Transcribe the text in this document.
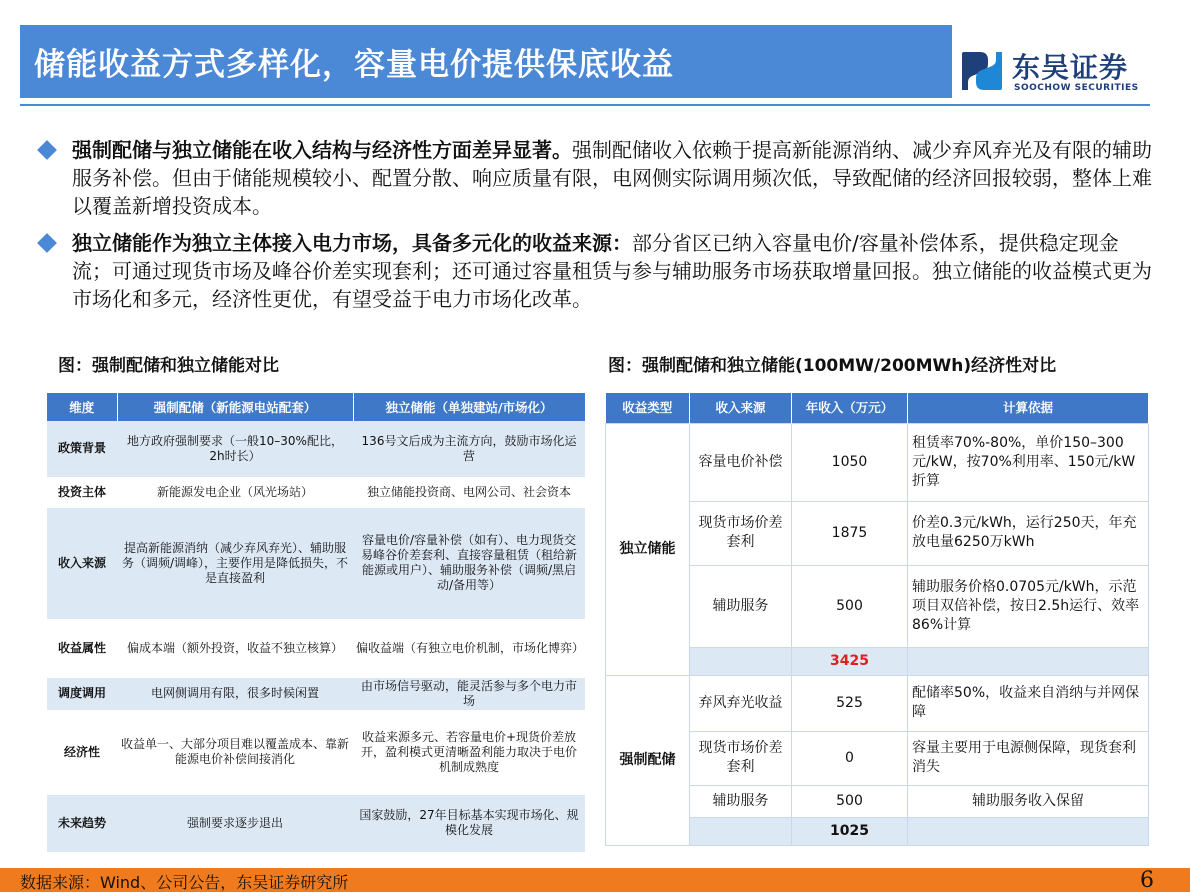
储能收益方式多样化，容量电价提供保底收益	东吴证券
SOOCHOW SECURITIES
强制配储与独立储能在收入结构与经济性方面差异显著。强制配储收入依赖于提高新能源消纳、减少弃风弃光及有限的辅助服务补偿。但由于储能规模较小、配置分散、响应质量有限，电网侧实际调用频次低，导致配储的经济回报较弱，整体上难以覆盖新增投资成本。
独立储能作为独立主体接入电力市场，具备多元化的收益来源：部分省区已纳入容量电价/容量补偿体系，提供稳定现金流；可通过现货市场及峰谷价差实现套利；还可通过容量租赁与参与辅助服务市场获取增量回报。独立储能的收益模式更为市场化和多元，经济性更优，有望受益于电力市场化改革。
图：强制配储和独立储能对比	图：强制配储和独立储能(100MW/200MWh)经济性对比
维度	强制配储（新能源电站配套）	独立储能（单独建站/市场化）
政策背景	地方政府强制要求（一般10–30%配比，2h时长）	136号文后成为主流方向，鼓励市场化运营
投资主体	新能源发电企业（风光场站）	独立储能投资商、电网公司、社会资本
收入来源	提高新能源消纳（减少弃风弃光）、辅助服务（调频/调峰），主要作用是降低损失，不是直接盈利	容量电价/容量补偿（如有）、电力现货交易峰谷价差套利、直接容量租赁（租给新能源或用户）、辅助服务补偿（调频/黑启动/备用等）
收益属性	偏成本端（额外投资，收益不独立核算）	偏收益端（有独立电价机制，市场化博弈）
调度调用	电网侧调用有限，很多时候闲置	由市场信号驱动，能灵活参与多个电力市场
经济性	收益单一、大部分项目难以覆盖成本、靠新能源电价补偿间接消化	收益来源多元、若容量电价+现货价差放开，盈利模式更清晰盈利能力取决于电价机制成熟度
未来趋势	强制要求逐步退出	国家鼓励，27年目标基本实现市场化、规模化发展
收益类型	收入来源	年收入（万元）	计算依据
独立储能	容量电价补偿	1050	租赁率70%-80%，单价150–300元/kW，按70%利用率、150元/kW折算
	现货市场价差套利	1875	价差0.3元/kWh，运行250天，年充放电量6250万kWh
	辅助服务	500	辅助服务价格0.0705元/kWh，示范项目双倍补偿，按日2.5h运行、效率86%计算
		3425	
强制配储	弃风弃光收益	525	配储率50%，收益来自消纳与并网保障
	现货市场价差套利	0	容量主要用于电源侧保障，现货套利消失
	辅助服务	500	辅助服务收入保留
		1025	
数据来源：Wind、公司公告，东吴证券研究所	6
